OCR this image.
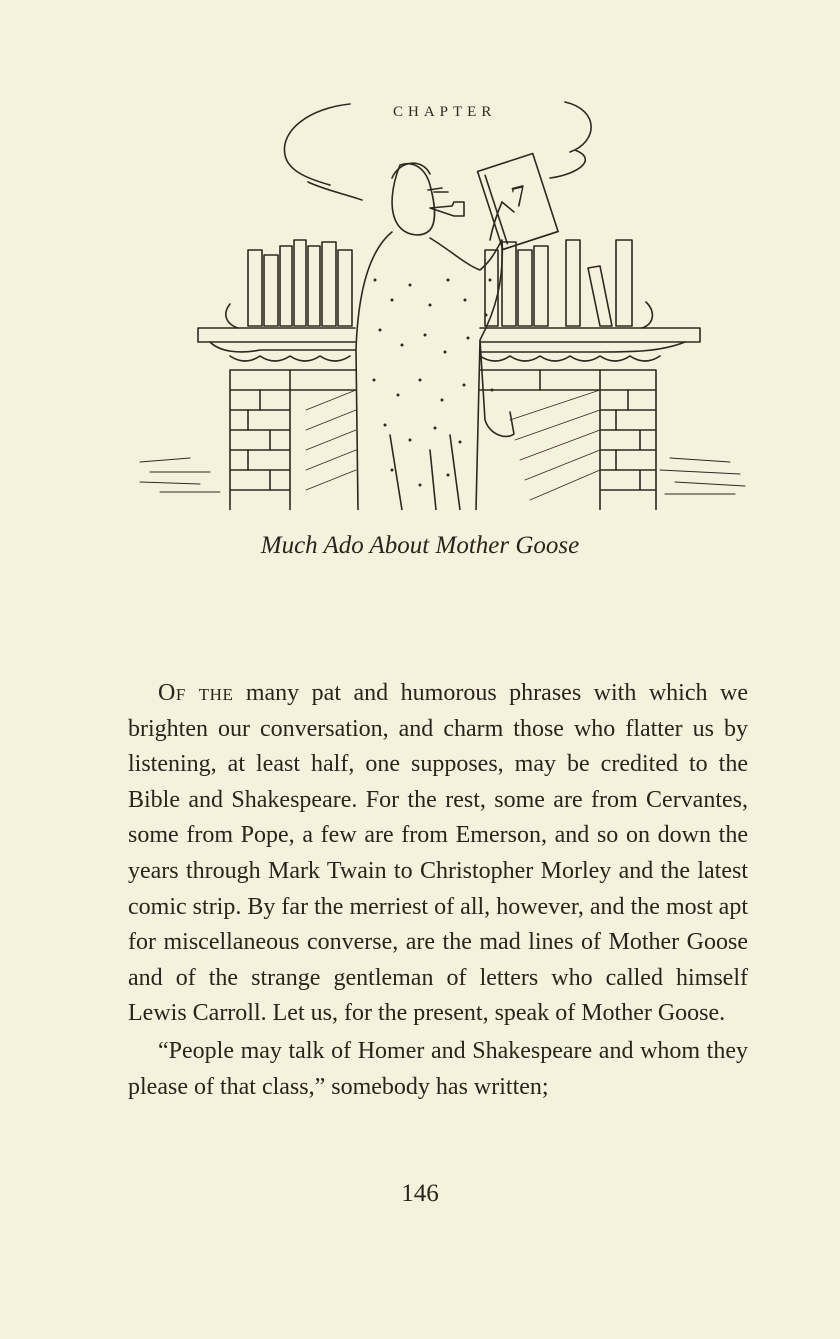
CHAPTER
7
Much Ado About Mother Goose

Of the many pat and humorous phrases with which we brighten our conversation, and charm those who flatter us by listening, at least half, one supposes, may be credited to the Bible and Shakespeare. For the rest, some are from Cervantes, some from Pope, a few are from Emerson, and so on down the years through Mark Twain to Christopher Morley and the latest comic strip. By far the merriest of all, however, and the most apt for miscellaneous converse, are the mad lines of Mother Goose and of the strange gentleman of letters who called himself Lewis Carroll. Let us, for the present, speak of Mother Goose.

“People may talk of Homer and Shakespeare and whom they please of that class,” somebody has written;

146
